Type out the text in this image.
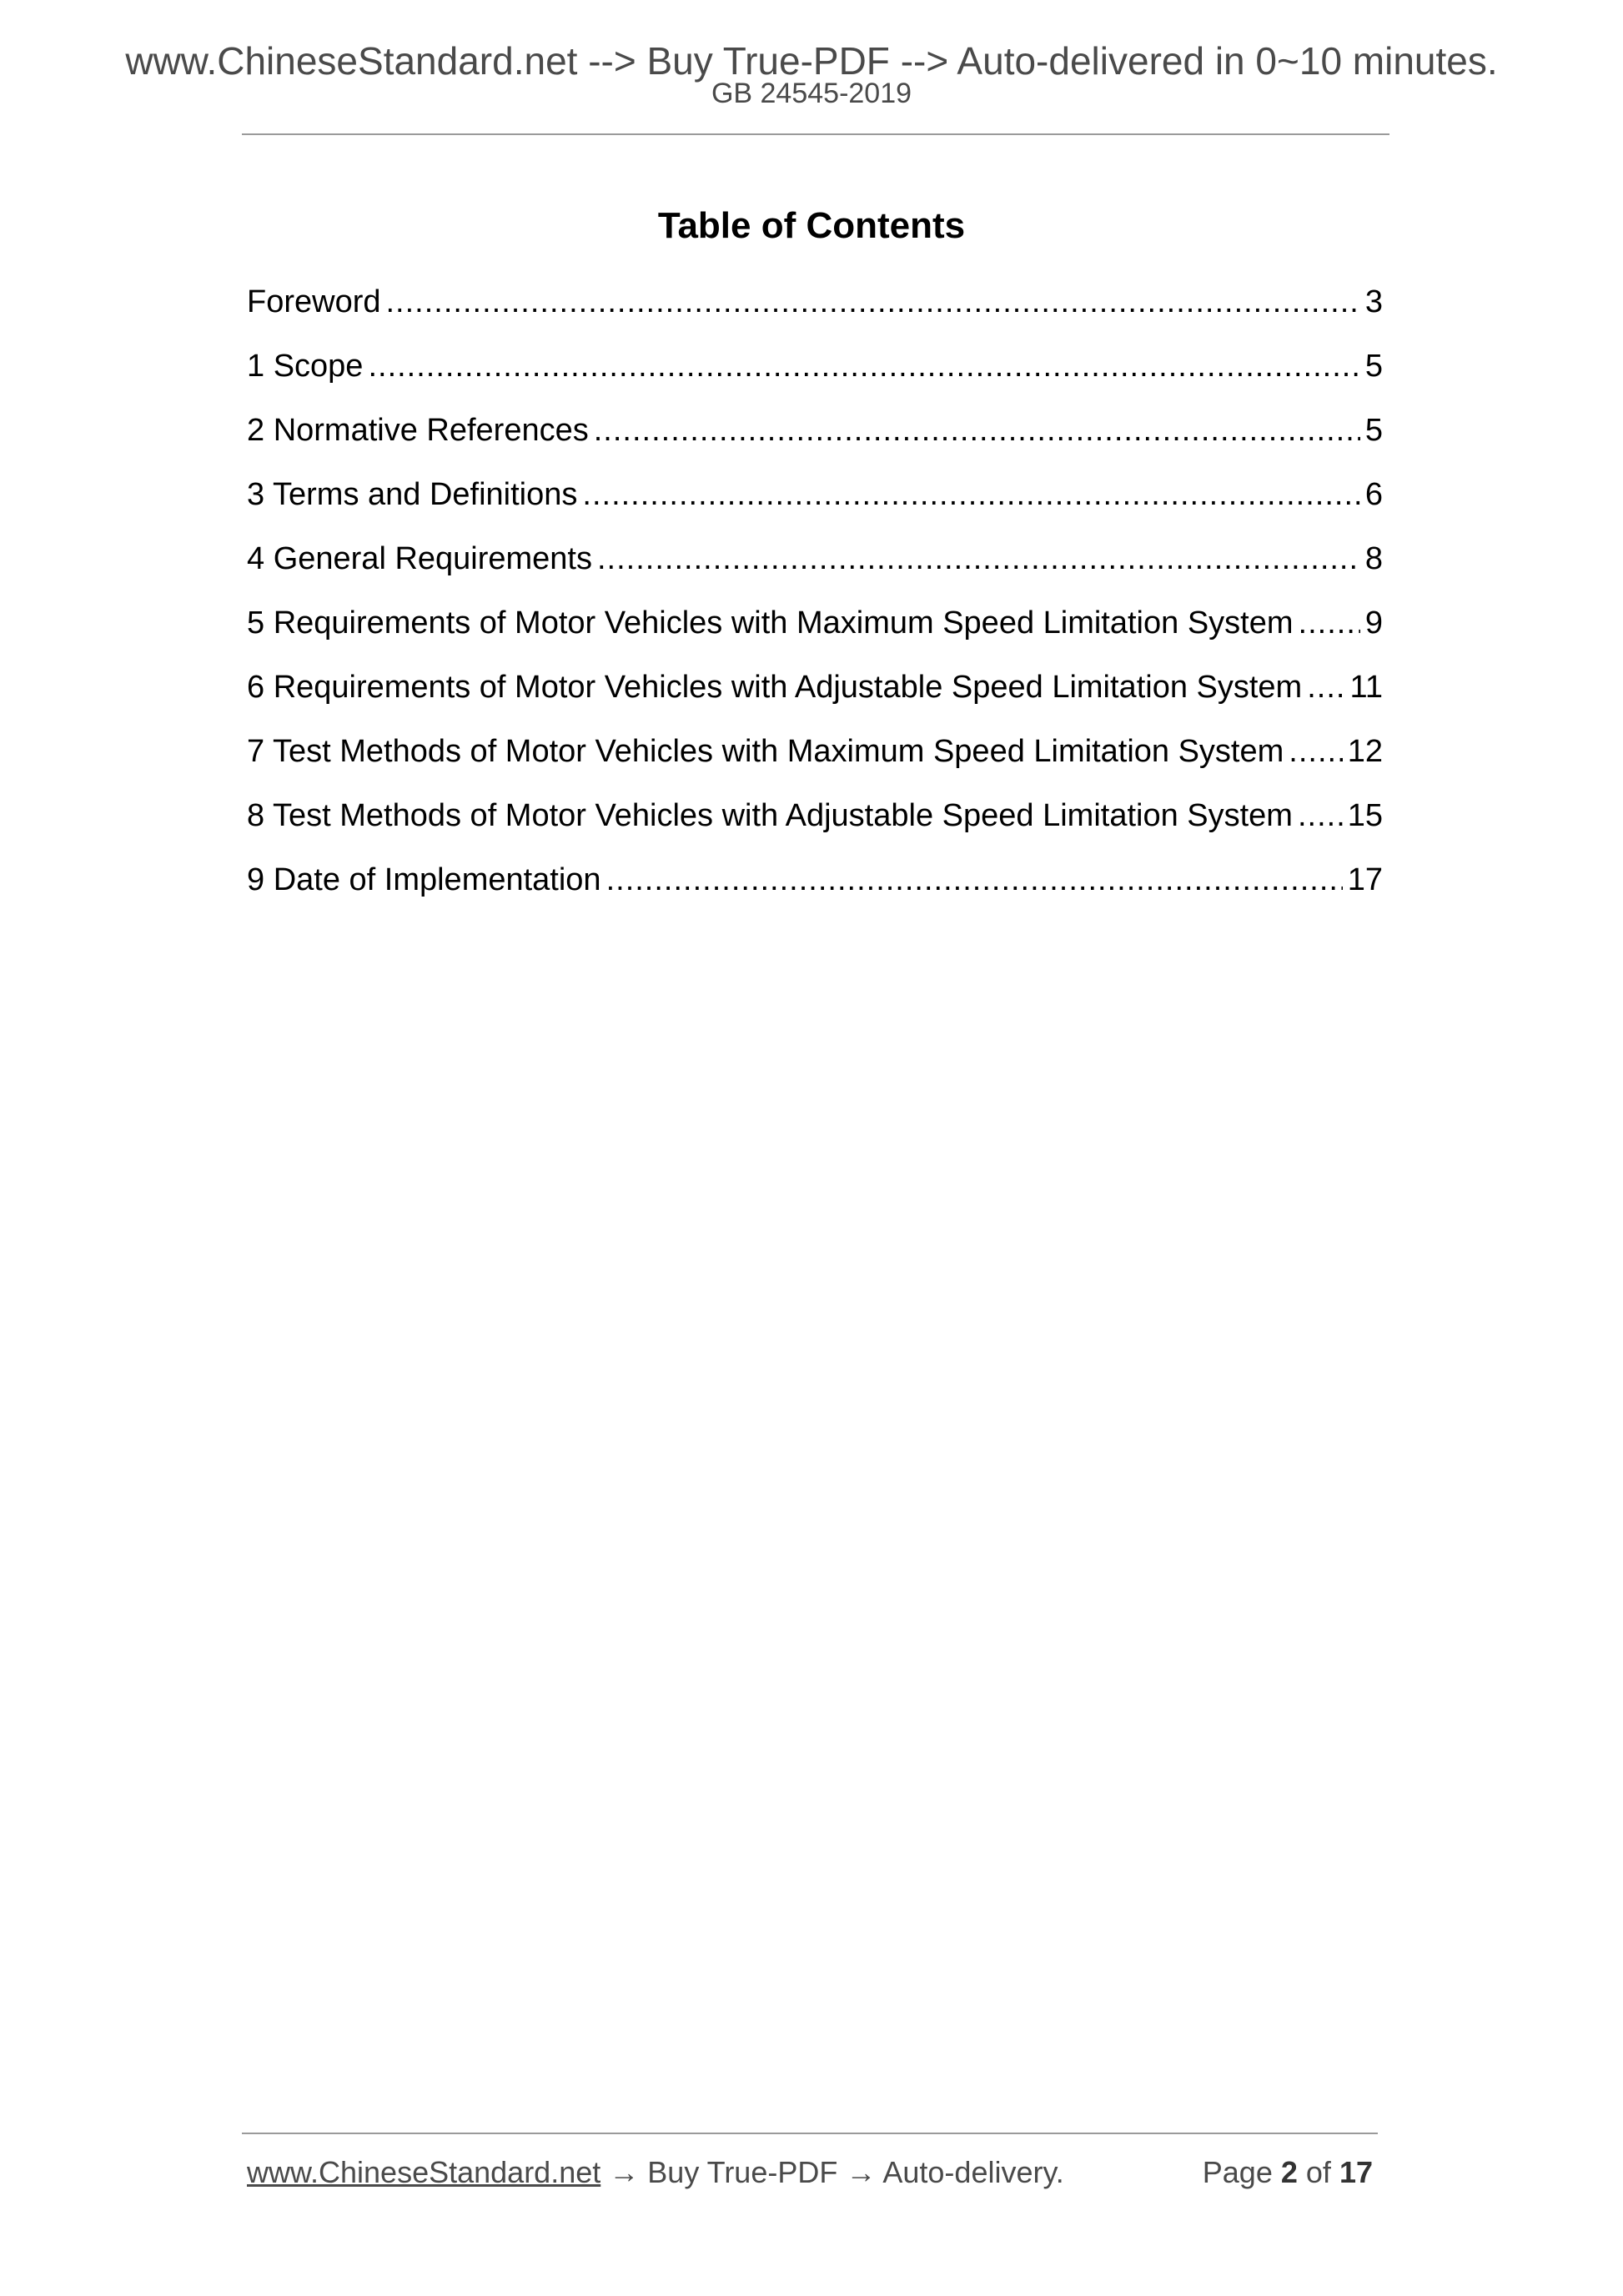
www.ChineseStandard.net --> Buy True-PDF --> Auto-delivered in 0~10 minutes.
GB 24545-2019
Table of Contents
Foreword .....	3
1 Scope .....	5
2 Normative References .....	5
3 Terms and Definitions .....	6
4 General Requirements .....	8
5 Requirements of Motor Vehicles with Maximum Speed Limitation System ..... 9
6 Requirements of Motor Vehicles with Adjustable Speed Limitation System ..... 11
7 Test Methods of Motor Vehicles with Maximum Speed Limitation System ..... 12
8 Test Methods of Motor Vehicles with Adjustable Speed Limitation System ..... 15
9 Date of Implementation .....	17
www.ChineseStandard.net → Buy True-PDF → Auto-delivery.	Page 2 of 17
